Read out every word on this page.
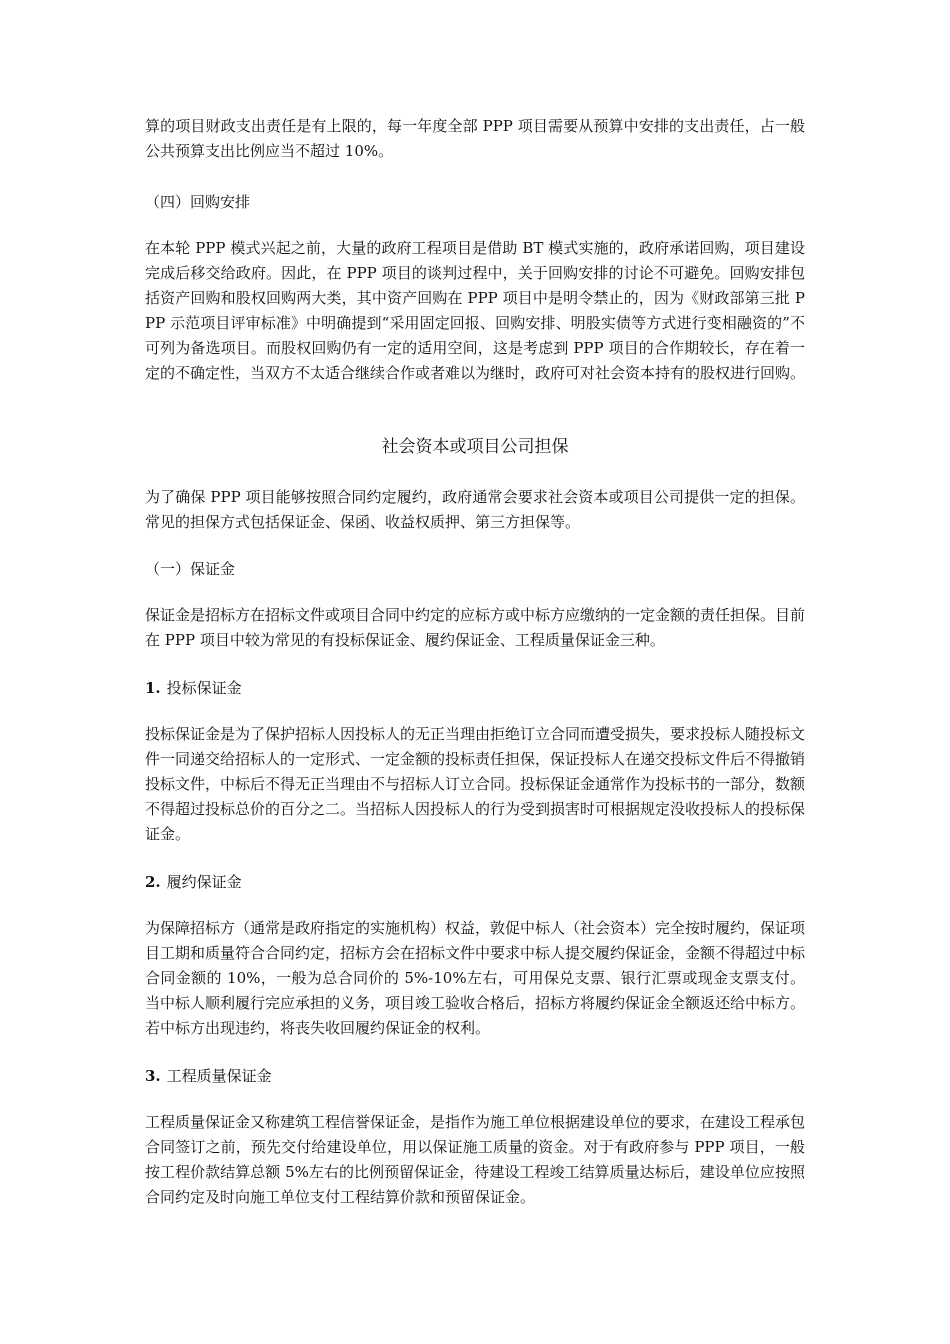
算的项目财政支出责任是有上限的，每一年度全部 PPP 项目需要从预算中安排的支出责任，占一般公共预算支出比例应当不超过 10%。

（四）回购安排

在本轮 PPP 模式兴起之前，大量的政府工程项目是借助 BT 模式实施的，政府承诺回购，项目建设完成后移交给政府。因此，在 PPP 项目的谈判过程中，关于回购安排的讨论不可避免。回购安排包括资产回购和股权回购两大类，其中资产回购在 PPP 项目中是明令禁止的，因为《财政部第三批 PPP 示范项目评审标准》中明确提到“采用固定回报、回购安排、明股实债等方式进行变相融资的”不可列为备选项目。而股权回购仍有一定的适用空间，这是考虑到 PPP 项目的合作期较长，存在着一定的不确定性，当双方不太适合继续合作或者难以为继时，政府可对社会资本持有的股权进行回购。

社会资本或项目公司担保

为了确保 PPP 项目能够按照合同约定履约，政府通常会要求社会资本或项目公司提供一定的担保。常见的担保方式包括保证金、保函、收益权质押、第三方担保等。

（一）保证金

保证金是招标方在招标文件或项目合同中约定的应标方或中标方应缴纳的一定金额的责任担保。目前在 PPP 项目中较为常见的有投标保证金、履约保证金、工程质量保证金三种。

1. 投标保证金

投标保证金是为了保护招标人因投标人的无正当理由拒绝订立合同而遭受损失，要求投标人随投标文件一同递交给招标人的一定形式、一定金额的投标责任担保，保证投标人在递交投标文件后不得撤销投标文件，中标后不得无正当理由不与招标人订立合同。投标保证金通常作为投标书的一部分，数额不得超过投标总价的百分之二。当招标人因投标人的行为受到损害时可根据规定没收投标人的投标保证金。

2. 履约保证金

为保障招标方（通常是政府指定的实施机构）权益，敦促中标人（社会资本）完全按时履约，保证项目工期和质量符合合同约定，招标方会在招标文件中要求中标人提交履约保证金，金额不得超过中标合同金额的 10%，一般为总合同价的 5%-10%左右，可用保兑支票、银行汇票或现金支票支付。当中标人顺利履行完应承担的义务，项目竣工验收合格后，招标方将履约保证金全额返还给中标方。若中标方出现违约，将丧失收回履约保证金的权利。

3. 工程质量保证金

工程质量保证金又称建筑工程信誉保证金，是指作为施工单位根据建设单位的要求，在建设工程承包合同签订之前，预先交付给建设单位，用以保证施工质量的资金。对于有政府参与 PPP 项目，一般按工程价款结算总额 5%左右的比例预留保证金，待建设工程竣工结算质量达标后，建设单位应按照合同约定及时向施工单位支付工程结算价款和预留保证金。
